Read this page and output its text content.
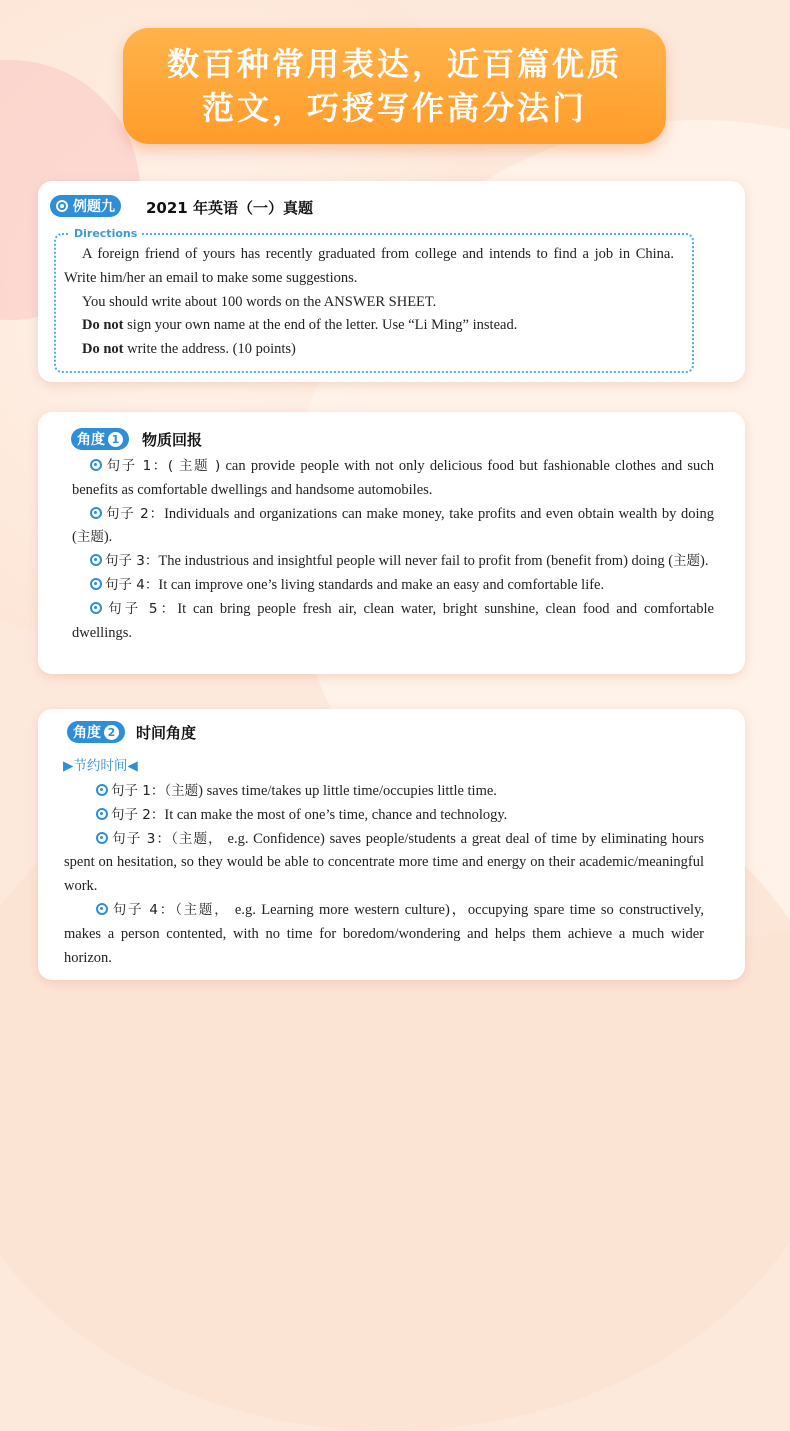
数百种常用表达，近百篇优质
范文，巧授写作高分法门
例题九 2021 年英语（一）真题
Directions

A foreign friend of yours has recently graduated from college and intends to find a job in China. Write him/her an email to make some suggestions.

You should write about 100 words on the ANSWER SHEET.

Do not sign your own name at the end of the letter. Use “Li Ming” instead.

Do not write the address. (10 points)

角度 1 物质回报

句子 1：( 主题 ) can provide people with not only delicious food but fashionable clothes and such benefits as comfortable dwellings and handsome automobiles.

句子 2：Individuals and organizations can make money, take profits and even obtain wealth by doing (主题).

句子 3：The industrious and insightful people will never fail to profit from (benefit from) doing (主题).

句子 4：It can improve one’s living standards and make an easy and comfortable life.

句子 5：It can bring people fresh air, clean water, bright sunshine, clean food and comfortable dwellings.

角度 2 时间角度
▶节约时间◀

句子 1：（主题) saves time/takes up little time/occupies little time.

句子 2：It can make the most of one’s time, chance and technology.

句子 3：（主题， e.g. Confidence) saves people/students a great deal of time by eliminating hours spent on hesitation, so they would be able to concentrate more time and energy on their academic/meaningful work.

句子 4：（主题， e.g. Learning more western culture)，occupying spare time so constructively, makes a person contented, with no time for boredom/wondering and helps them achieve a much wider horizon.
